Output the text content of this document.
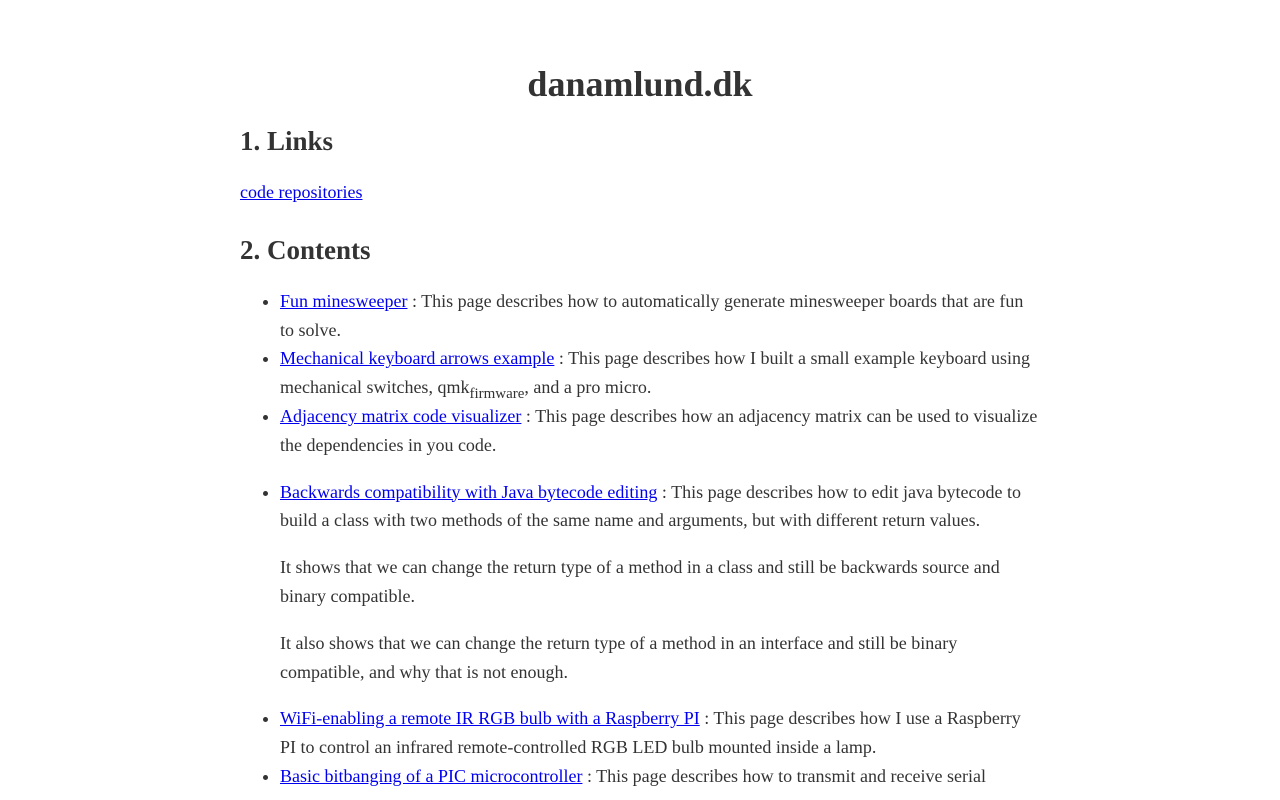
danamlund.dk
1. Links

code repositories

2. Contents
• Fun minesweeper : This page describes how to automatically generate minesweeper boards that are fun to solve.
• Mechanical keyboard arrows example : This page describes how I built a small example keyboard using mechanical switches, qmk$_{firmware}$, and a pro micro.
• Adjacency matrix code visualizer : This page describes how an adjacency matrix can be used to visualize the dependencies in you code.

• Backwards compatibility with Java bytecode editing : This page describes how to edit java bytecode to build a class with two methods of the same name and arguments, but with different return values.

It shows that we can change the return type of a method in a class and still be backwards source and binary compatible.

It also shows that we can change the return type of a method in an interface and still be binary compatible, and why that is not enough.

• WiFi-enabling a remote IR RGB bulb with a Raspberry PI : This page describes how I use a Raspberry PI to control an infrared remote-controlled RGB LED bulb mounted inside a lamp.
• Basic bitbanging of a PIC microcontroller : This page describes how to transmit and receive serial
